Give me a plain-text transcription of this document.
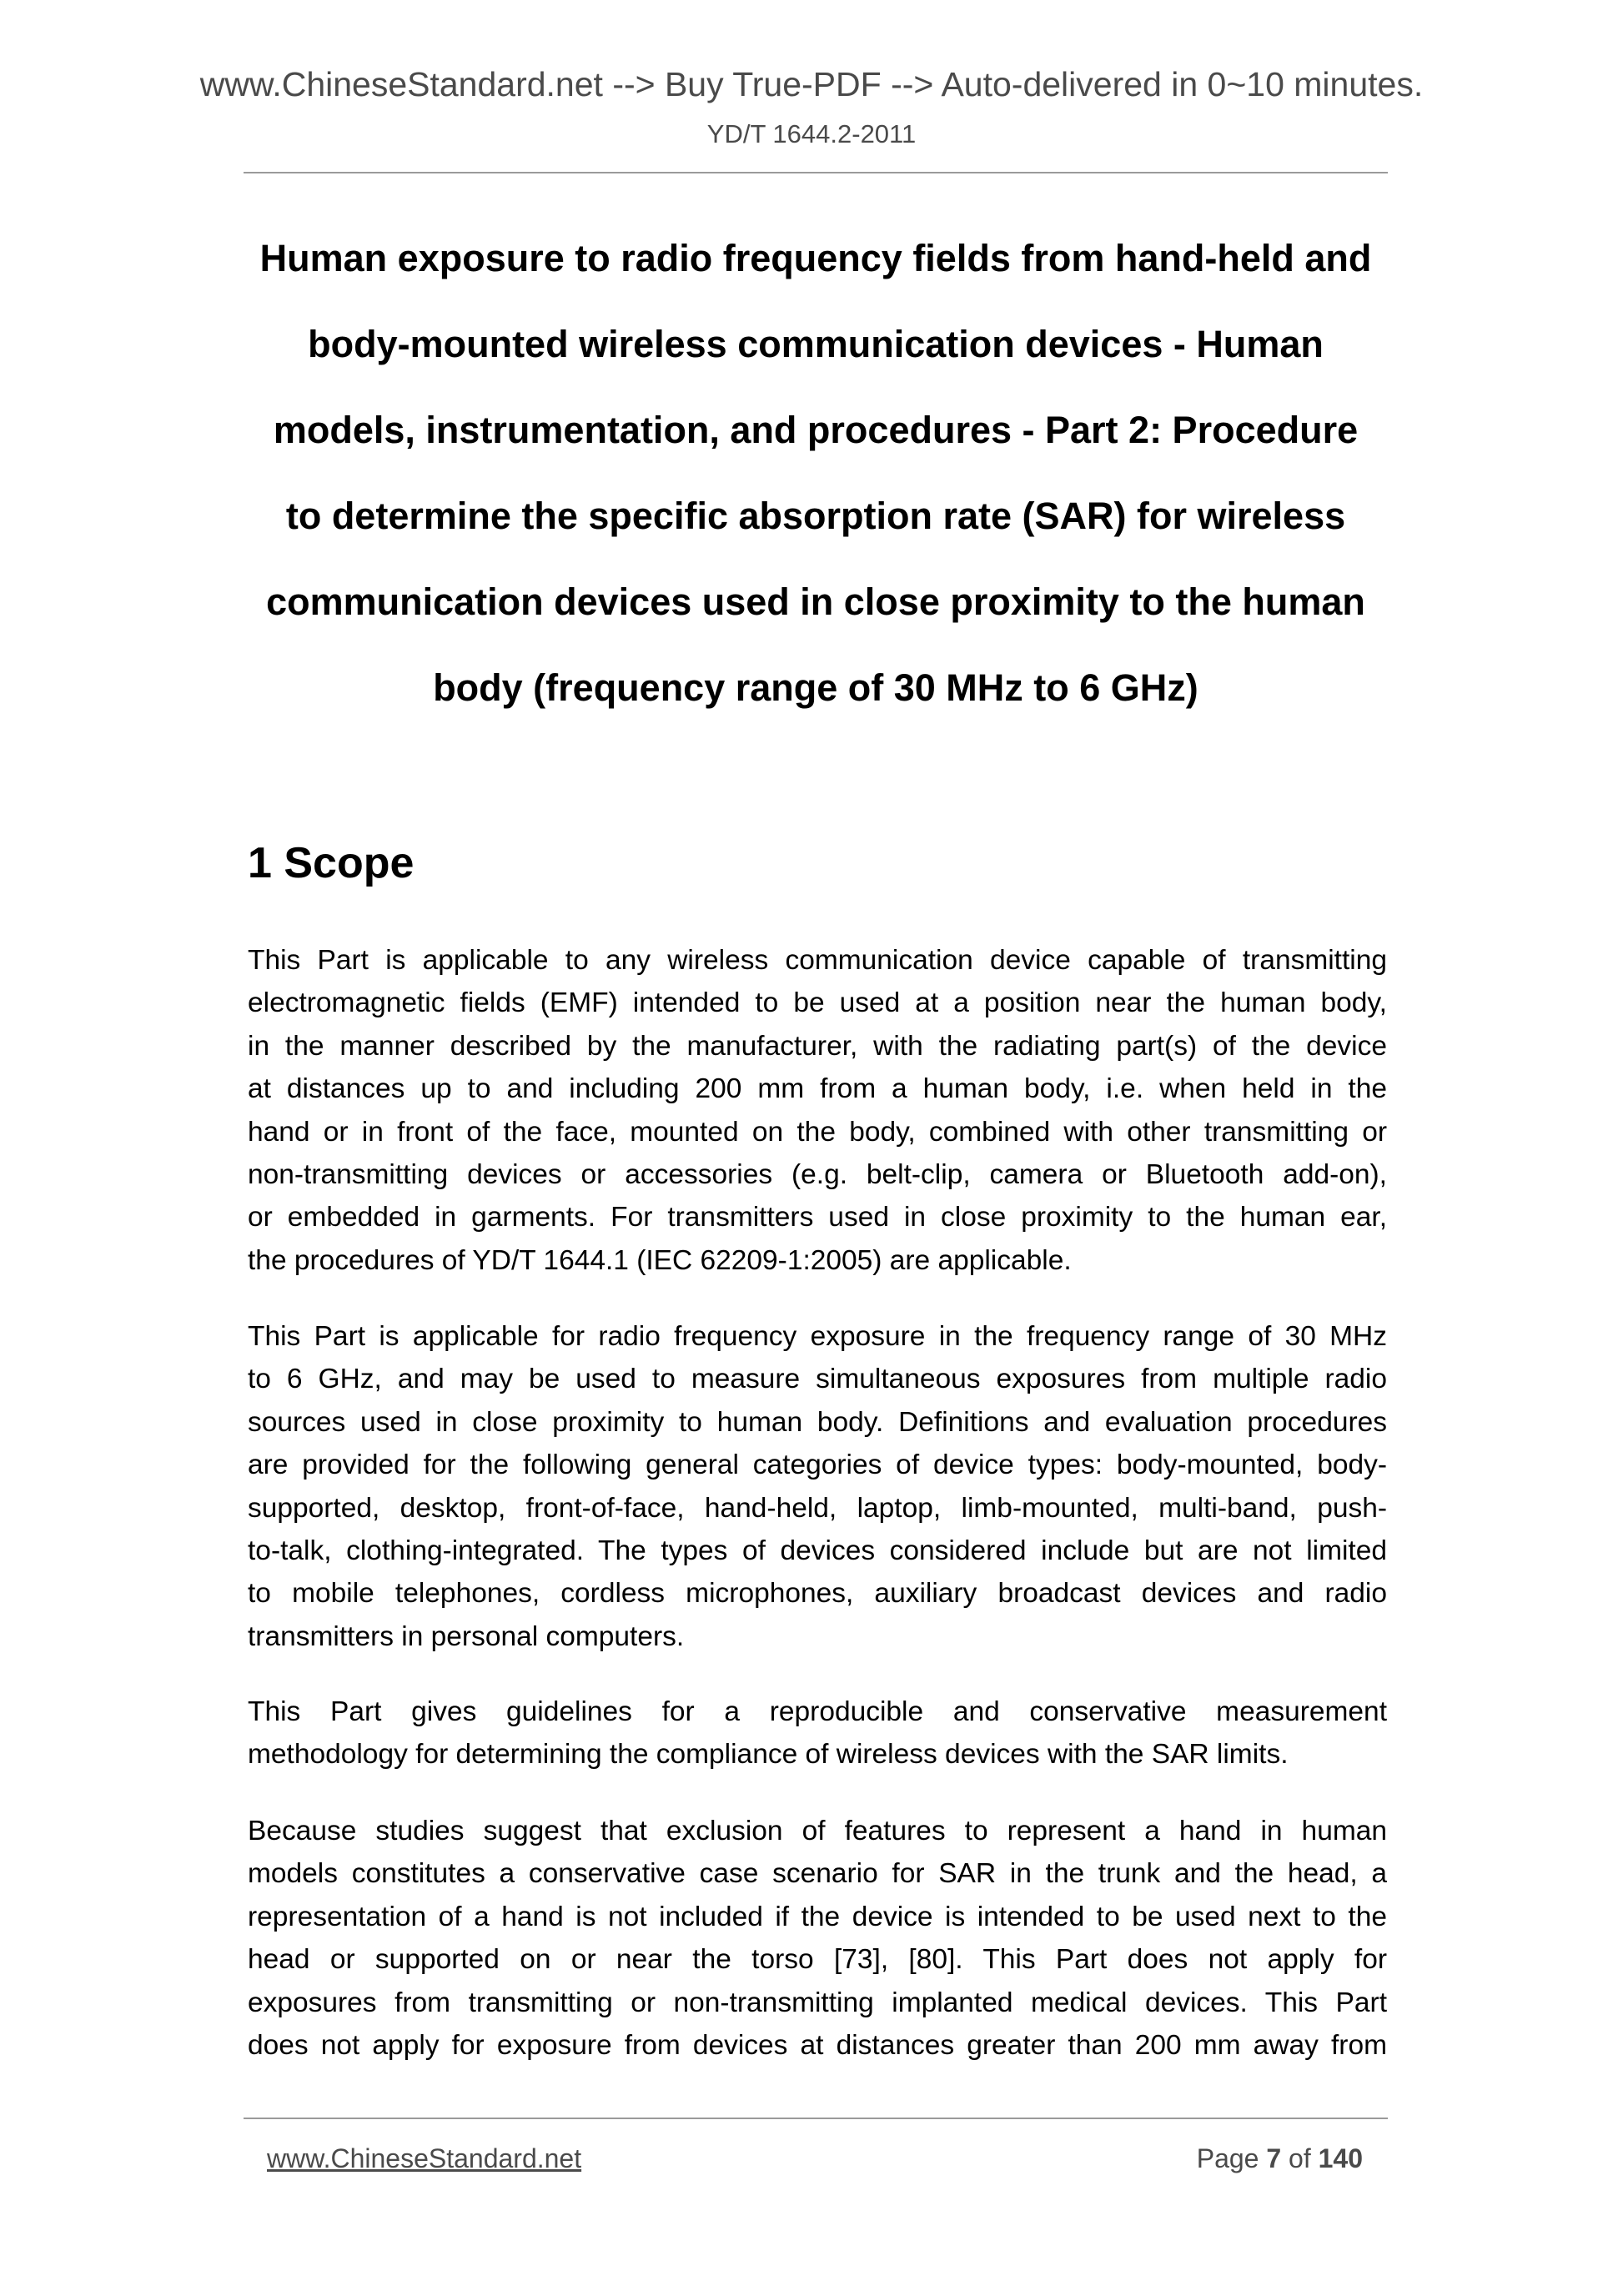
www.ChineseStandard.net --> Buy True-PDF --> Auto-delivered in 0~10 minutes.
YD/T 1644.2-2011
Human exposure to radio frequency fields from hand-held and
body-mounted wireless communication devices - Human
models, instrumentation, and procedures - Part 2: Procedure
to determine the specific absorption rate (SAR) for wireless
communication devices used in close proximity to the human
body (frequency range of 30 MHz to 6 GHz)
1 Scope
This Part is applicable to any wireless communication device capable of transmitting
electromagnetic fields (EMF) intended to be used at a position near the human body,
in the manner described by the manufacturer, with the radiating part(s) of the device
at distances up to and including 200 mm from a human body, i.e. when held in the
hand or in front of the face, mounted on the body, combined with other transmitting or
non-transmitting devices or accessories (e.g. belt-clip, camera or Bluetooth add-on),
or embedded in garments. For transmitters used in close proximity to the human ear,
the procedures of YD/T 1644.1 (IEC 62209-1:2005) are applicable.
This Part is applicable for radio frequency exposure in the frequency range of 30 MHz
to 6 GHz, and may be used to measure simultaneous exposures from multiple radio
sources used in close proximity to human body. Definitions and evaluation procedures
are provided for the following general categories of device types: body-mounted, body-
supported, desktop, front-of-face, hand-held, laptop, limb-mounted, multi-band, push-
to-talk, clothing-integrated. The types of devices considered include but are not limited
to mobile telephones, cordless microphones, auxiliary broadcast devices and radio
transmitters in personal computers.
This Part gives guidelines for a reproducible and conservative measurement
methodology for determining the compliance of wireless devices with the SAR limits.
Because studies suggest that exclusion of features to represent a hand in human
models constitutes a conservative case scenario for SAR in the trunk and the head, a
representation of a hand is not included if the device is intended to be used next to the
head or supported on or near the torso [73], [80]. This Part does not apply for
exposures from transmitting or non-transmitting implanted medical devices. This Part
does not apply for exposure from devices at distances greater than 200 mm away from
www.ChineseStandard.net	Page 7 of 140
